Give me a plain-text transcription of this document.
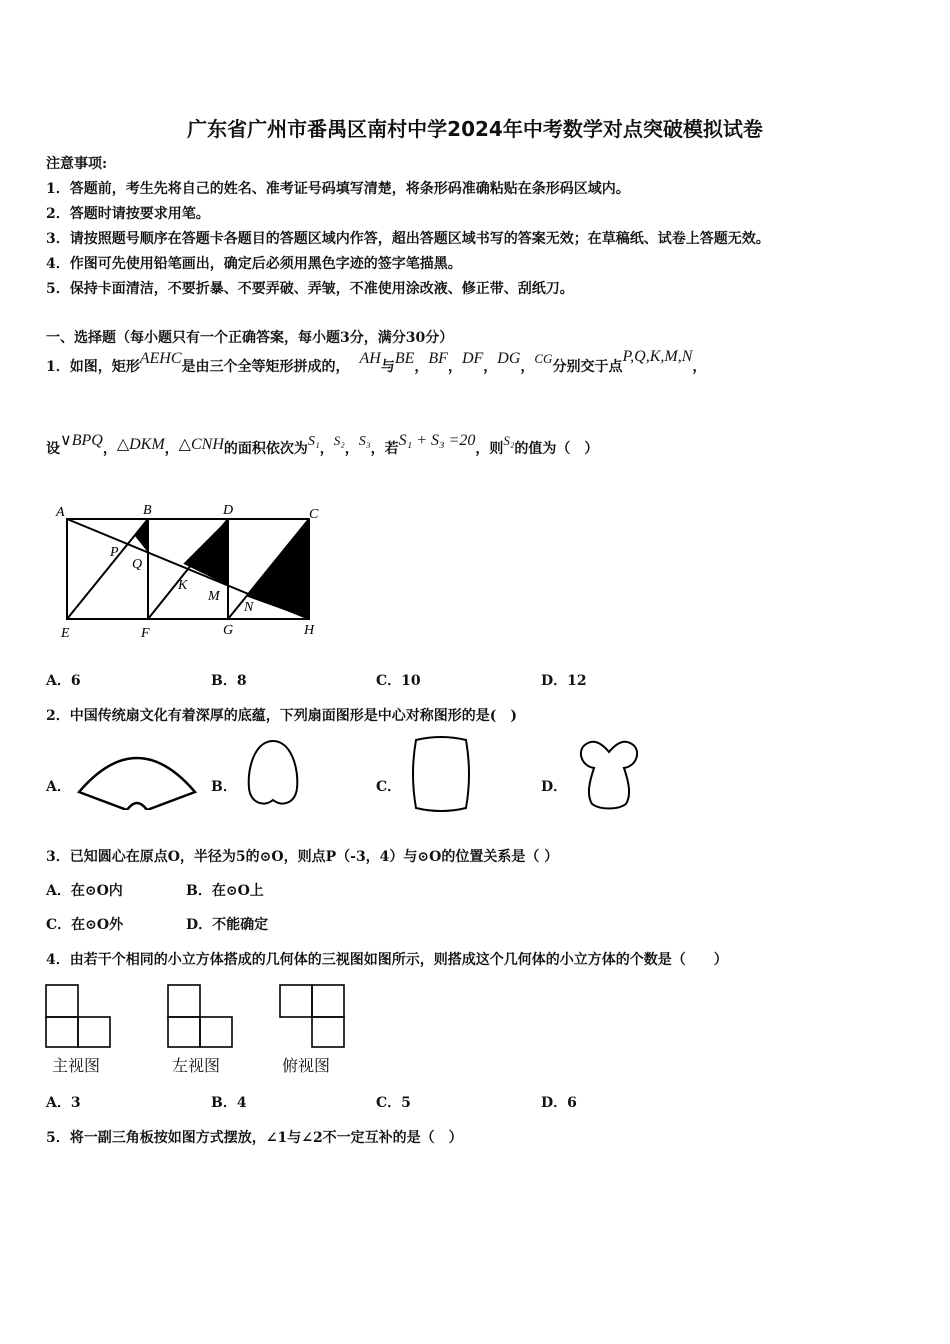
广东省广州市番禺区南村中学2024年中考数学对点突破模拟试卷
注意事项:
1．答题前，考生先将自己的姓名、准考证号码填写清楚，将条形码准确粘贴在条形码区域内。
2．答题时请按要求用笔。
3．请按照题号顺序在答题卡各题目的答题区域内作答，超出答题区域书写的答案无效；在草稿纸、试卷上答题无效。
4．作图可先使用铅笔画出，确定后必须用黑色字迹的签字笔描黑。
5．保持卡面清洁，不要折暴、不要弄破、弄皱，不准使用涂改液、修正带、刮纸刀。
一、选择题（每小题只有一个正确答案，每小题3分，满分30分）
1．如图，矩形AEHC是由三个全等矩形拼成的， AH与BE，BF，DF，DG，CG分别交于点P,Q,K,M,N，
设∨BPQ，△DKM，△CNH的面积依次为S₁，S₂，S₃，若S₁ + S₃ =20，则S₂的值为（　）
A	B	D	C
P
Q
K
M
N
E	F	G	H
A．6	B．8	C．10	D．12
2．中国传统扇文化有着深厚的底蕴，下列扇面图形是中心对称图形的是(　)
A．	B．	C．	D．
3．已知圆心在原点O，半径为5的⊙O，则点P（-3，4）与⊙O的位置关系是（ ）
A．在⊙O内	B．在⊙O上
C．在⊙O外	D．不能确定
4．由若干个相同的小立方体搭成的几何体的三视图如图所示，则搭成这个几何体的小立方体的个数是（　　）
主视图	左视图	俯视图
A．3	B．4	C．5	D．6
5．将一副三角板按如图方式摆放，∠1与∠2不一定互补的是（　）
